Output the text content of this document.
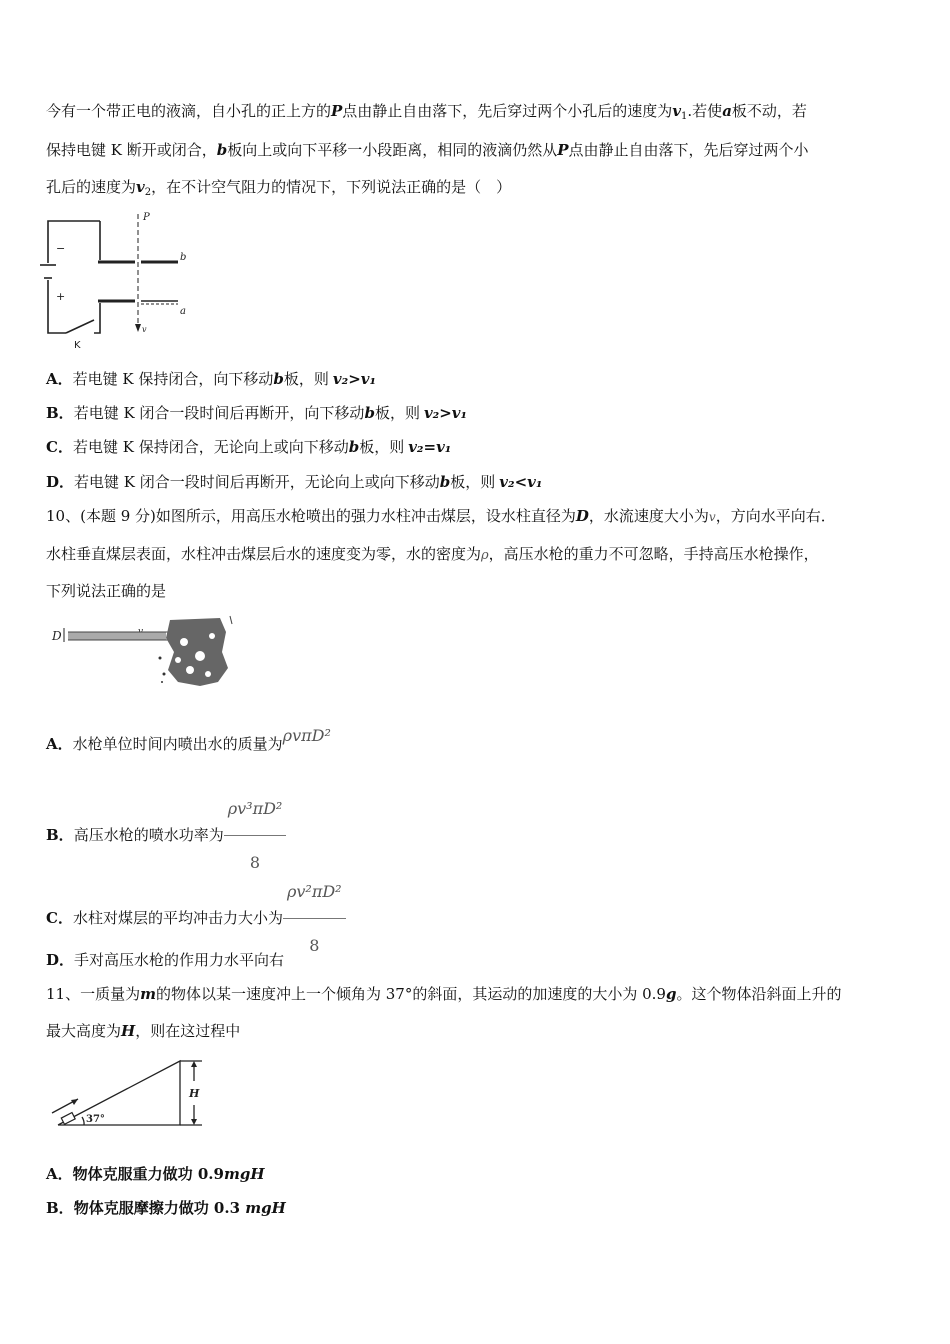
今有一个带正电的液滴，自小孔的正上方的P点由静止自由落下，先后穿过两个小孔后的速度为$v_1$.若使a板不动，若
保持电键 K 断开或闭合，b板向上或向下平移一小段距离，相同的液滴仍然从P点由静止自由落下，先后穿过两个小
孔后的速度为$v_2$，在不计空气阻力的情况下，下列说法正确的是（　）
P
b
a
v
−
+
K
A．若电键 K 保持闭合，向下移动b板，则 v₂>v₁
B．若电键 K 闭合一段时间后再断开，向下移动b板，则 v₂>v₁
C．若电键 K 保持闭合，无论向上或向下移动b板，则 v₂=v₁
D．若电键 K 闭合一段时间后再断开，无论向上或向下移动b板，则 v₂<v₁
10、(本题 9 分)如图所示，用高压水枪喷出的强力水柱冲击煤层，设水柱直径为D，水流速度大小为v，方向水平向右．
水柱垂直煤层表面，水柱冲击煤层后水的速度变为零，水的密度为ρ，高压水枪的重力不可忽略，手持高压水枪操作，
下列说法正确的是
D
A．水枪单位时间内喷出水的质量为ρvπD²
B．高压水枪的喷水功率为 $\frac{\text{ρv³πD²}}{8}$
C．水柱对煤层的平均冲击力大小为 $\frac{\text{ρv²πD²}}{8}$
D．手对高压水枪的作用力水平向右
11、一质量为m的物体以某一速度冲上一个倾角为 37°的斜面，其运动的加速度的大小为 0.9g。这个物体沿斜面上升的
最大高度为H，则在这过程中
37°
H
A．物体克服重力做功 0.9mgH
B．物体克服摩擦力做功 0.3 mgH
